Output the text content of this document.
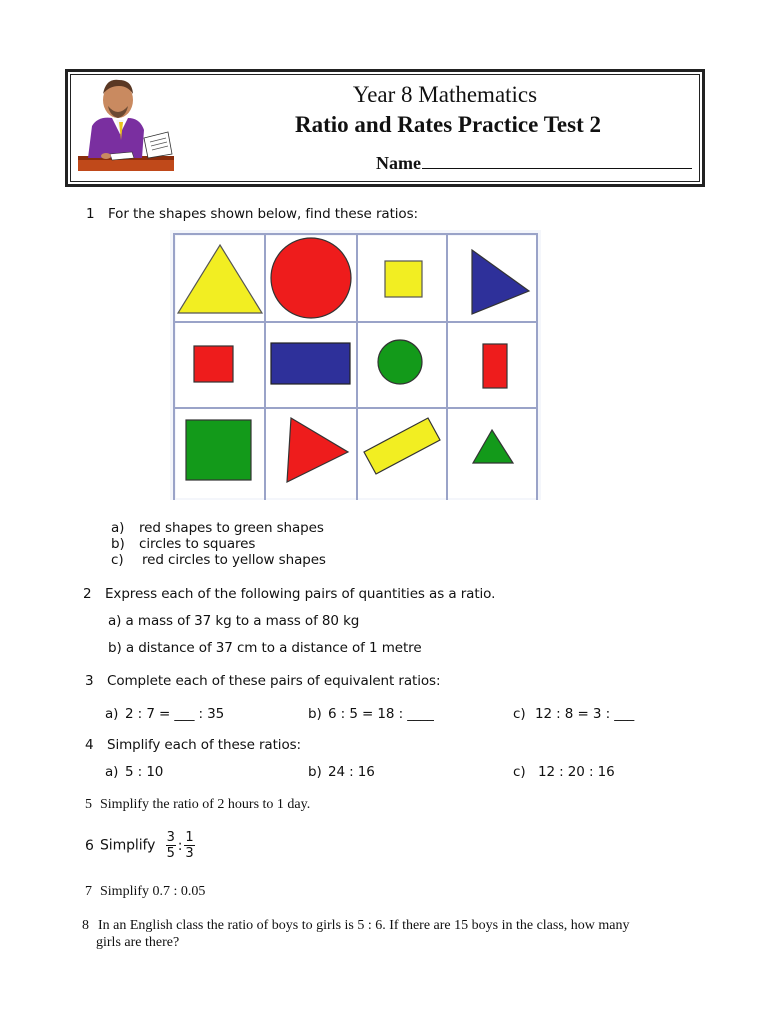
Year 8 Mathematics
Ratio and Rates Practice Test 2
Name
1 For the shapes shown below, find these ratios:
a) red shapes to green shapes
b) circles to squares
c) red circles to yellow shapes
2 Express each of the following pairs of quantities as a ratio.
a) a mass of 37 kg to a mass of 80 kg
b) a distance of 37 cm to a distance of 1 metre
3 Complete each of these pairs of equivalent ratios:
a) 2 : 7 = ___ : 35	b) 6 : 5 = 18 : ____	c) 12 : 8 = 3 : ___
4 Simplify each of these ratios:
a) 5 : 10	b) 24 : 16	c) 12 : 20 : 16
5 Simplify the ratio of 2 hours to 1 day.
6 Simplify $\frac{3}{5}$ : $\frac{1}{3}$
7 Simplify 0.7 : 0.05
8 In an English class the ratio of boys to girls is 5 : 6. If there are 15 boys in the class, how many
girls are there?
